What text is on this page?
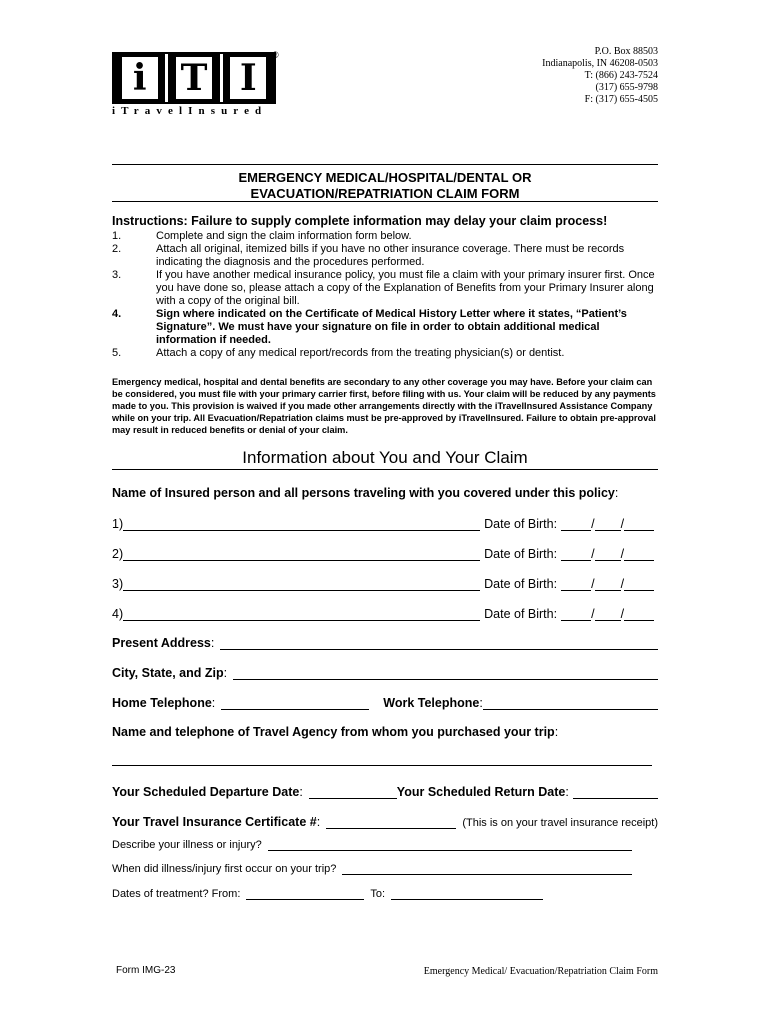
i T I
®
iTravelInsured
P.O. Box 88503
Indianapolis, IN 46208-0503
T: (866) 243-7524
(317) 655-9798
F: (317) 655-4505
EMERGENCY MEDICAL/HOSPITAL/DENTAL OR
EVACUATION/REPATRIATION CLAIM FORM
Instructions: Failure to supply complete information may delay your claim process!
1.	Complete and sign the claim information form below.
2.	Attach all original, itemized bills if you have no other insurance coverage. There must be records indicating the diagnosis and the procedures performed.
3.	If you have another medical insurance policy, you must file a claim with your primary insurer first. Once you have done so, please attach a copy of the Explanation of Benefits from your Primary Insurer along with a copy of the original bill.
4.	Sign where indicated on the Certificate of Medical History Letter where it states, “Patient’s Signature”. We must have your signature on file in order to obtain additional medical information if needed.
5.	Attach a copy of any medical report/records from the treating physician(s) or dentist.
Emergency medical, hospital and dental benefits are secondary to any other coverage you may have. Before your claim can be considered, you must file with your primary carrier first, before filing with us. Your claim will be reduced by any payments made to you. This provision is waived if you made other arrangements directly with the iTravelInsured Assistance Company while on your trip. All Evacuation/Repatriation claims must be pre-approved by iTravelInsured. Failure to obtain pre-approval may result in reduced benefits or denial of your claim.
Information about You and Your Claim
Name of Insured person and all persons traveling with you covered under this policy:
1)	Date of Birth:	/ /
2)	Date of Birth:	/ /
3)	Date of Birth:	/ /
4)	Date of Birth:	/ /
Present Address :
City, State, and Zip :
Home Telephone :	Work Telephone :
Name and telephone of Travel Agency from whom you purchased your trip :
Your Scheduled Departure Date :	Your Scheduled Return Date :
Your Travel Insurance Certificate # :	(This is on your travel insurance receipt)
Describe your illness or injury?
When did illness/injury first occur on your trip?
Dates of treatment? From:	To:
Form IMG-23	Emergency Medical/ Evacuation/Repatriation Claim Form
